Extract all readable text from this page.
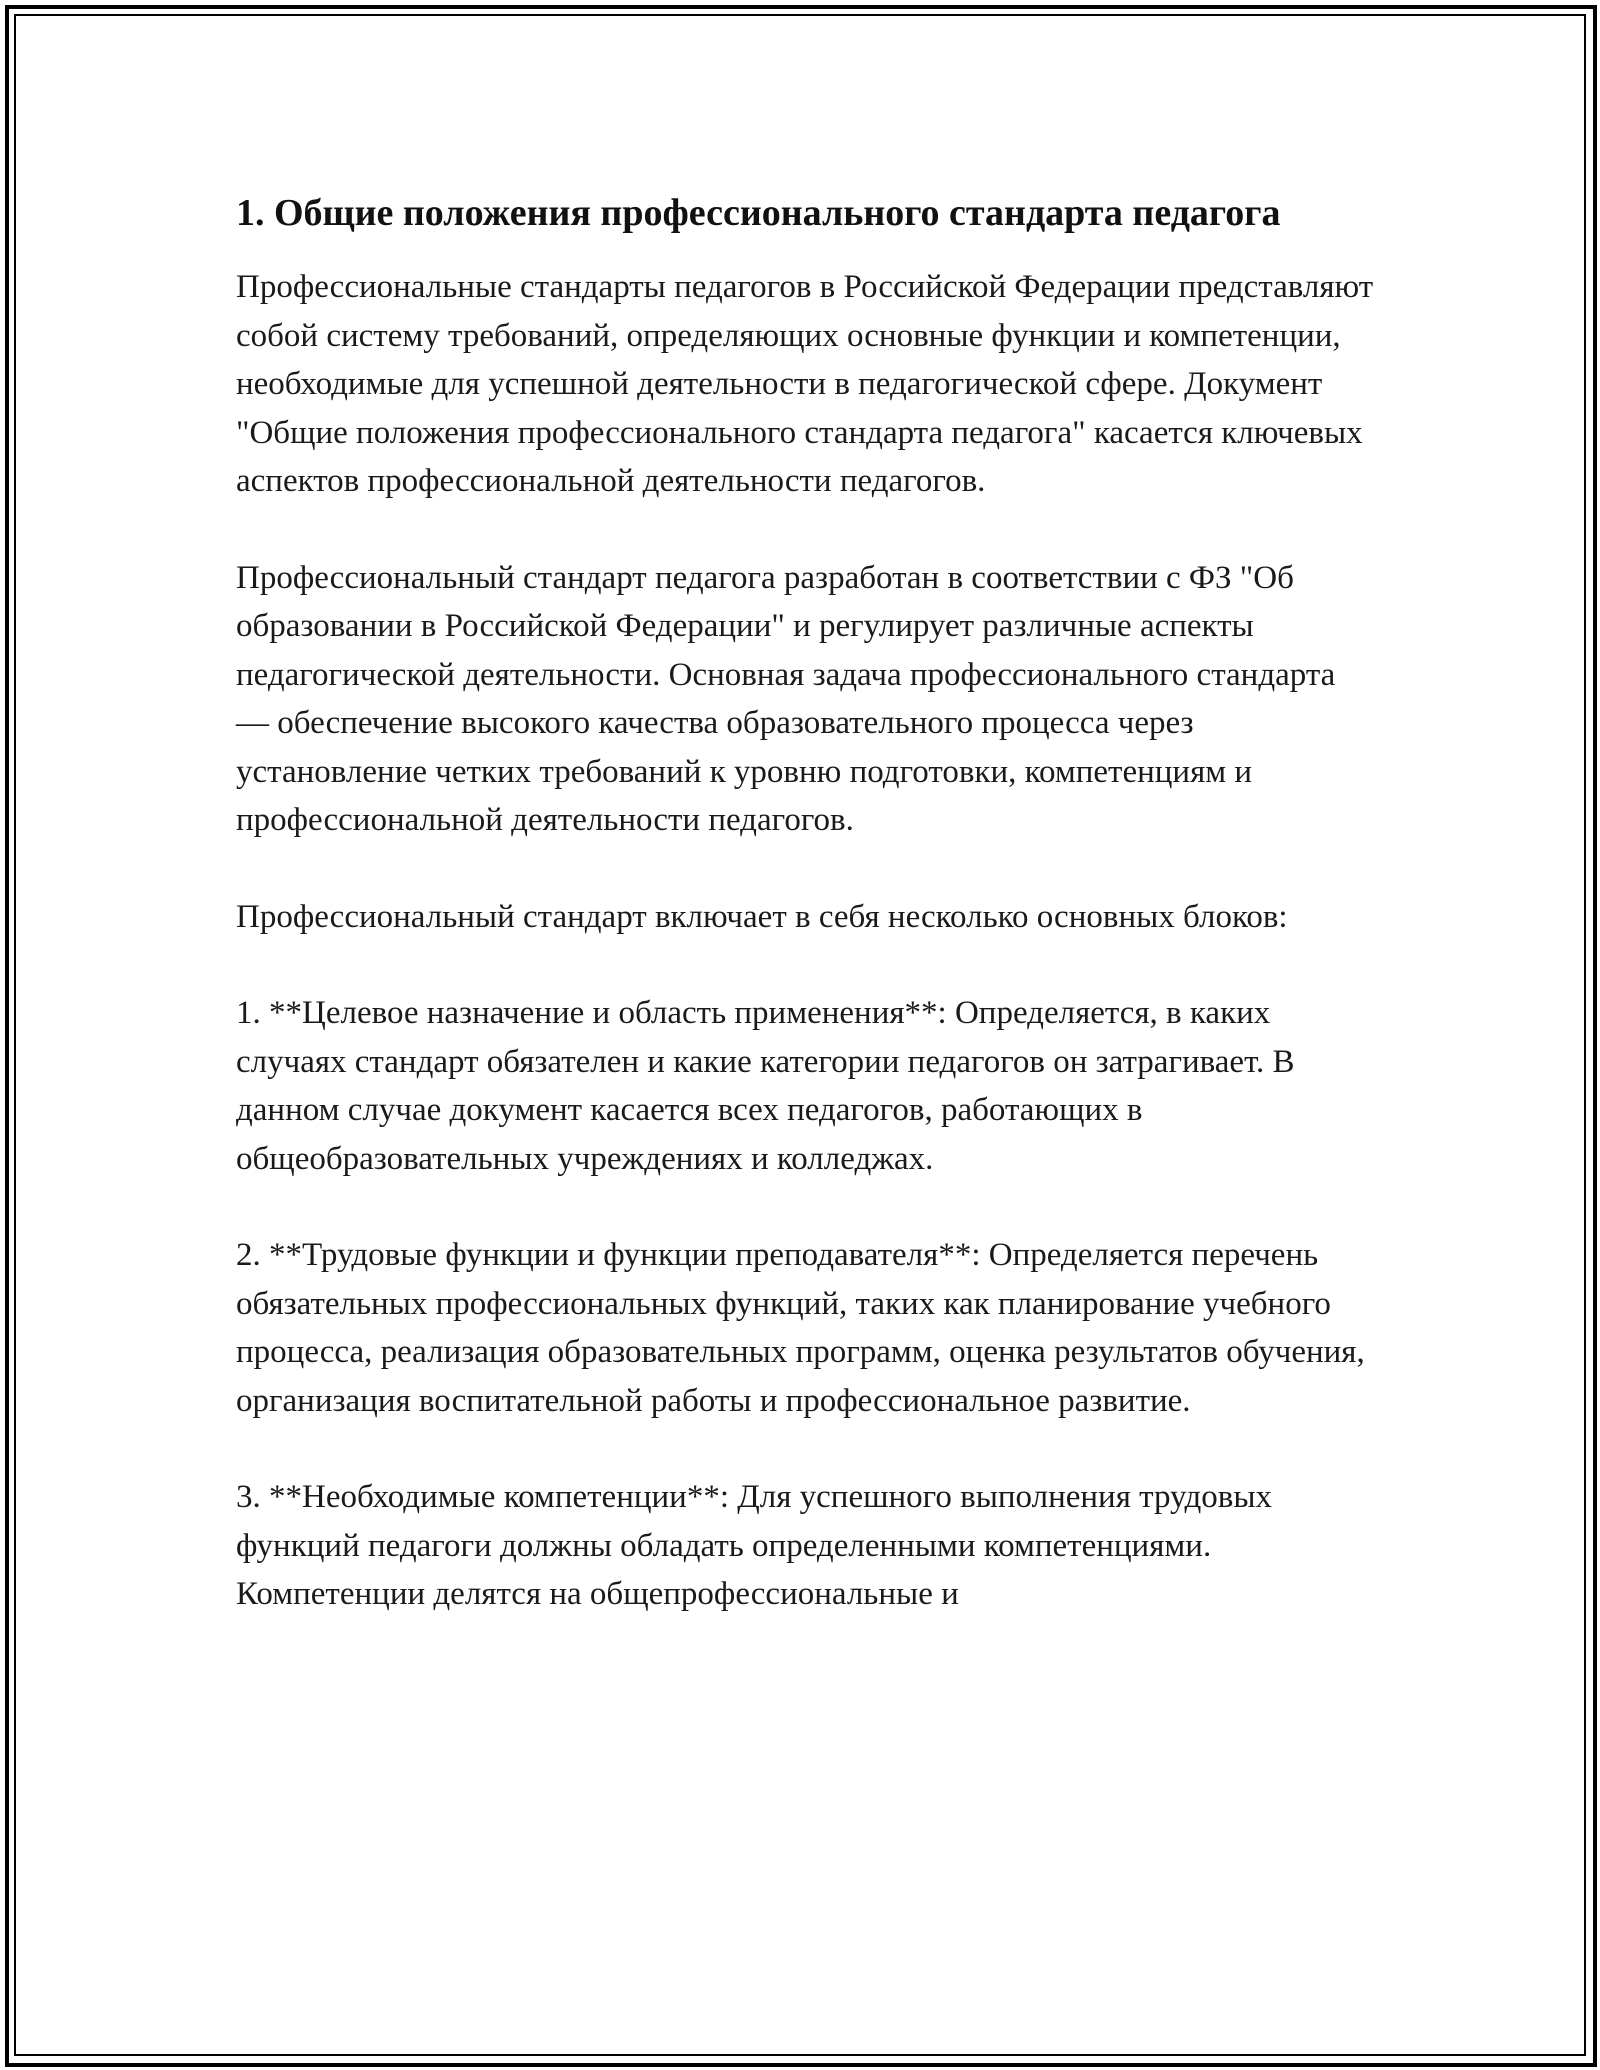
1. Общие положения профессионального стандарта педагога

Профессиональные стандарты педагогов в Российской Федерации представляют собой систему требований, определяющих основные функции и компетенции, необходимые для успешной деятельности в педагогической сфере. Документ "Общие положения профессионального стандарта педагога" касается ключевых аспектов профессиональной деятельности педагогов.

Профессиональный стандарт педагога разработан в соответствии с ФЗ "Об образовании в Российской Федерации" и регулирует различные аспекты педагогической деятельности. Основная задача профессионального стандарта — обеспечение высокого качества образовательного процесса через установление четких требований к уровню подготовки, компетенциям и профессиональной деятельности педагогов.

Профессиональный стандарт включает в себя несколько основных блоков:

1. **Целевое назначение и область применения**: Определяется, в каких случаях стандарт обязателен и какие категории педагогов он затрагивает. В данном случае документ касается всех педагогов, работающих в общеобразовательных учреждениях и колледжах.

2. **Трудовые функции и функции преподавателя**: Определяется перечень обязательных профессиональных функций, таких как планирование учебного процесса, реализация образовательных программ, оценка результатов обучения, организация воспитательной работы и профессиональное развитие.

3. **Необходимые компетенции**: Для успешного выполнения трудовых функций педагоги должны обладать определенными компетенциями. Компетенции делятся на общепрофессиональные и
